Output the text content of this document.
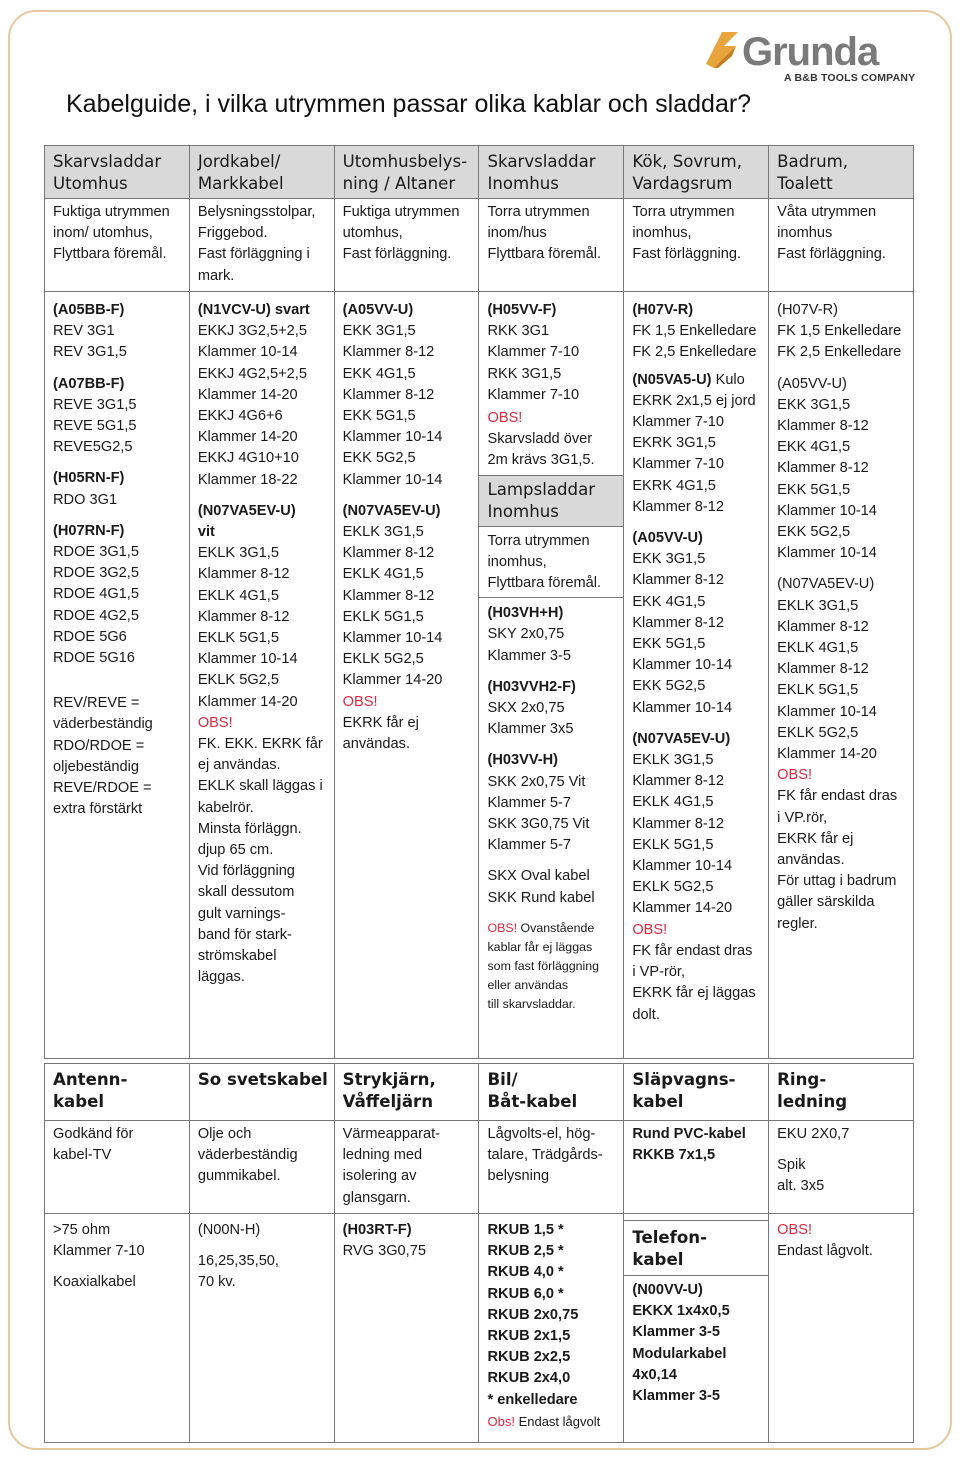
Grunda
A B&B TOOLS COMPANY
Kabelguide, i vilka utrymmen passar olika kablar och sladdar?
Skarvsladdar
Utomhus
Jordkabel/
Markkabel
Utomhusbelys-
ning / Altaner
Skarvsladdar
Inomhus
Kök, Sovrum,
Vardagsrum
Badrum,
Toalett
Fuktiga utrymmen
inom/ utomhus,
Flyttbara föremål.
Belysningsstolpar,
Friggebod.
Fast förläggning i
mark.
Fuktiga utrymmen
utomhus,
Fast förläggning.
Torra utrymmen
inom/hus
Flyttbara föremål.
Torra utrymmen
inomhus,
Fast förläggning.
Våta utrymmen
inomhus
Fast förläggning.
(A05BB-F)
REV 3G1
REV 3G1,5
(A07BB-F)
REVE 3G1,5
REVE 5G1,5
REVE5G2,5
(H05RN-F)
RDO 3G1
(H07RN-F)
RDOE 3G1,5
RDOE 3G2,5
RDOE 4G1,5
RDOE 4G2,5
RDOE 5G6
RDOE 5G16
REV/REVE =
väderbeständig
RDO/RDOE =
oljebeständig
REVE/RDOE =
extra förstärkt
(N1VCV-U) svart
EKKJ 3G2,5+2,5
Klammer 10-14
EKKJ 4G2,5+2,5
Klammer 14-20
EKKJ 4G6+6
Klammer 14-20
EKKJ 4G10+10
Klammer 18-22
(N07VA5EV-U)
vit
EKLK 3G1,5
Klammer 8-12
EKLK 4G1,5
Klammer 8-12
EKLK 5G1,5
Klammer 10-14
EKLK 5G2,5
Klammer 14-20
OBS!
FK. EKK. EKRK får
ej användas.
EKLK skall läggas i
kabelrör.
Minsta förläggn.
djup 65 cm.
Vid förläggning
skall dessutom
gult varnings-
band för stark-
strömskabel
läggas.
(A05VV-U)
EKK 3G1,5
Klammer 8-12
EKK 4G1,5
Klammer 8-12
EKK 5G1,5
Klammer 10-14
EKK 5G2,5
Klammer 10-14
(N07VA5EV-U)
EKLK 3G1,5
Klammer 8-12
EKLK 4G1,5
Klammer 8-12
EKLK 5G1,5
Klammer 10-14
EKLK 5G2,5
Klammer 14-20
OBS!
EKRK får ej
användas.
(H05VV-F)
RKK 3G1
Klammer 7-10
RKK 3G1,5
Klammer 7-10
OBS!
Skarvsladd över
2m krävs 3G1,5.
Lampsladdar
Inomhus
Torra utrymmen
inomhus,
Flyttbara föremål.
(H03VH+H)
SKY 2x0,75
Klammer 3-5
(H03VVH2-F)
SKX 2x0,75
Klammer 3x5
(H03VV-H)
SKK 2x0,75 Vit
Klammer 5-7
SKK 3G0,75 Vit
Klammer 5-7
SKX Oval kabel
SKK Rund kabel
OBS! Ovanstående
kablar får ej läggas
som fast förläggning
eller användas
till skarvsladdar.
(H07V-R)
FK 1,5 Enkelledare
FK 2,5 Enkelledare
(N05VA5-U) Kulo
EKRK 2x1,5 ej jord
Klammer 7-10
EKRK 3G1,5
Klammer 7-10
EKRK 4G1,5
Klammer 8-12
(A05VV-U)
EKK 3G1,5
Klammer 8-12
EKK 4G1,5
Klammer 8-12
EKK 5G1,5
Klammer 10-14
EKK 5G2,5
Klammer 10-14
(N07VA5EV-U)
EKLK 3G1,5
Klammer 8-12
EKLK 4G1,5
Klammer 8-12
EKLK 5G1,5
Klammer 10-14
EKLK 5G2,5
Klammer 14-20
OBS!
FK får endast dras
i VP-rör,
EKRK får ej läggas
dolt.
(H07V-R)
FK 1,5 Enkelledare
FK 2,5 Enkelledare
(A05VV-U)
EKK 3G1,5
Klammer 8-12
EKK 4G1,5
Klammer 8-12
EKK 5G1,5
Klammer 10-14
EKK 5G2,5
Klammer 10-14
(N07VA5EV-U)
EKLK 3G1,5
Klammer 8-12
EKLK 4G1,5
Klammer 8-12
EKLK 5G1,5
Klammer 10-14
EKLK 5G2,5
Klammer 14-20
OBS!
FK får endast dras
i VP.rör,
EKRK får ej
användas.
För uttag i badrum
gäller särskilda
regler.
Antenn-
kabel
So svetskabel Strykjärn,
Våffeljärn
Bil/
Båt-kabel
Släpvagns-
kabel
Ring-
ledning
Godkänd för
kabel-TV
Olje och
väderbeständig
gummikabel.
Värmeapparat-
ledning med
isolering av
glansgarn.
Lågvolts-el, hög-
talare, Trädgårds-
belysning
Rund PVC-kabel
RKKB 7x1,5
EKU 2X0,7
Spik
alt. 3x5
>75 ohm
Klammer 7-10
Koaxialkabel
(N00N-H)
16,25,35,50,
70 kv.
(H03RT-F)
RVG 3G0,75
RKUB 1,5 *
RKUB 2,5 *
RKUB 4,0 *
RKUB 6,0 *
RKUB 2x0,75
RKUB 2x1,5
RKUB 2x2,5
RKUB 2x4,0
* enkelledare
Obs! Endast lågvolt
Telefon-
kabel
(N00VV-U)
EKKX 1x4x0,5
Klammer 3-5
Modularkabel
4x0,14
Klammer 3-5
OBS!
Endast lågvolt.
